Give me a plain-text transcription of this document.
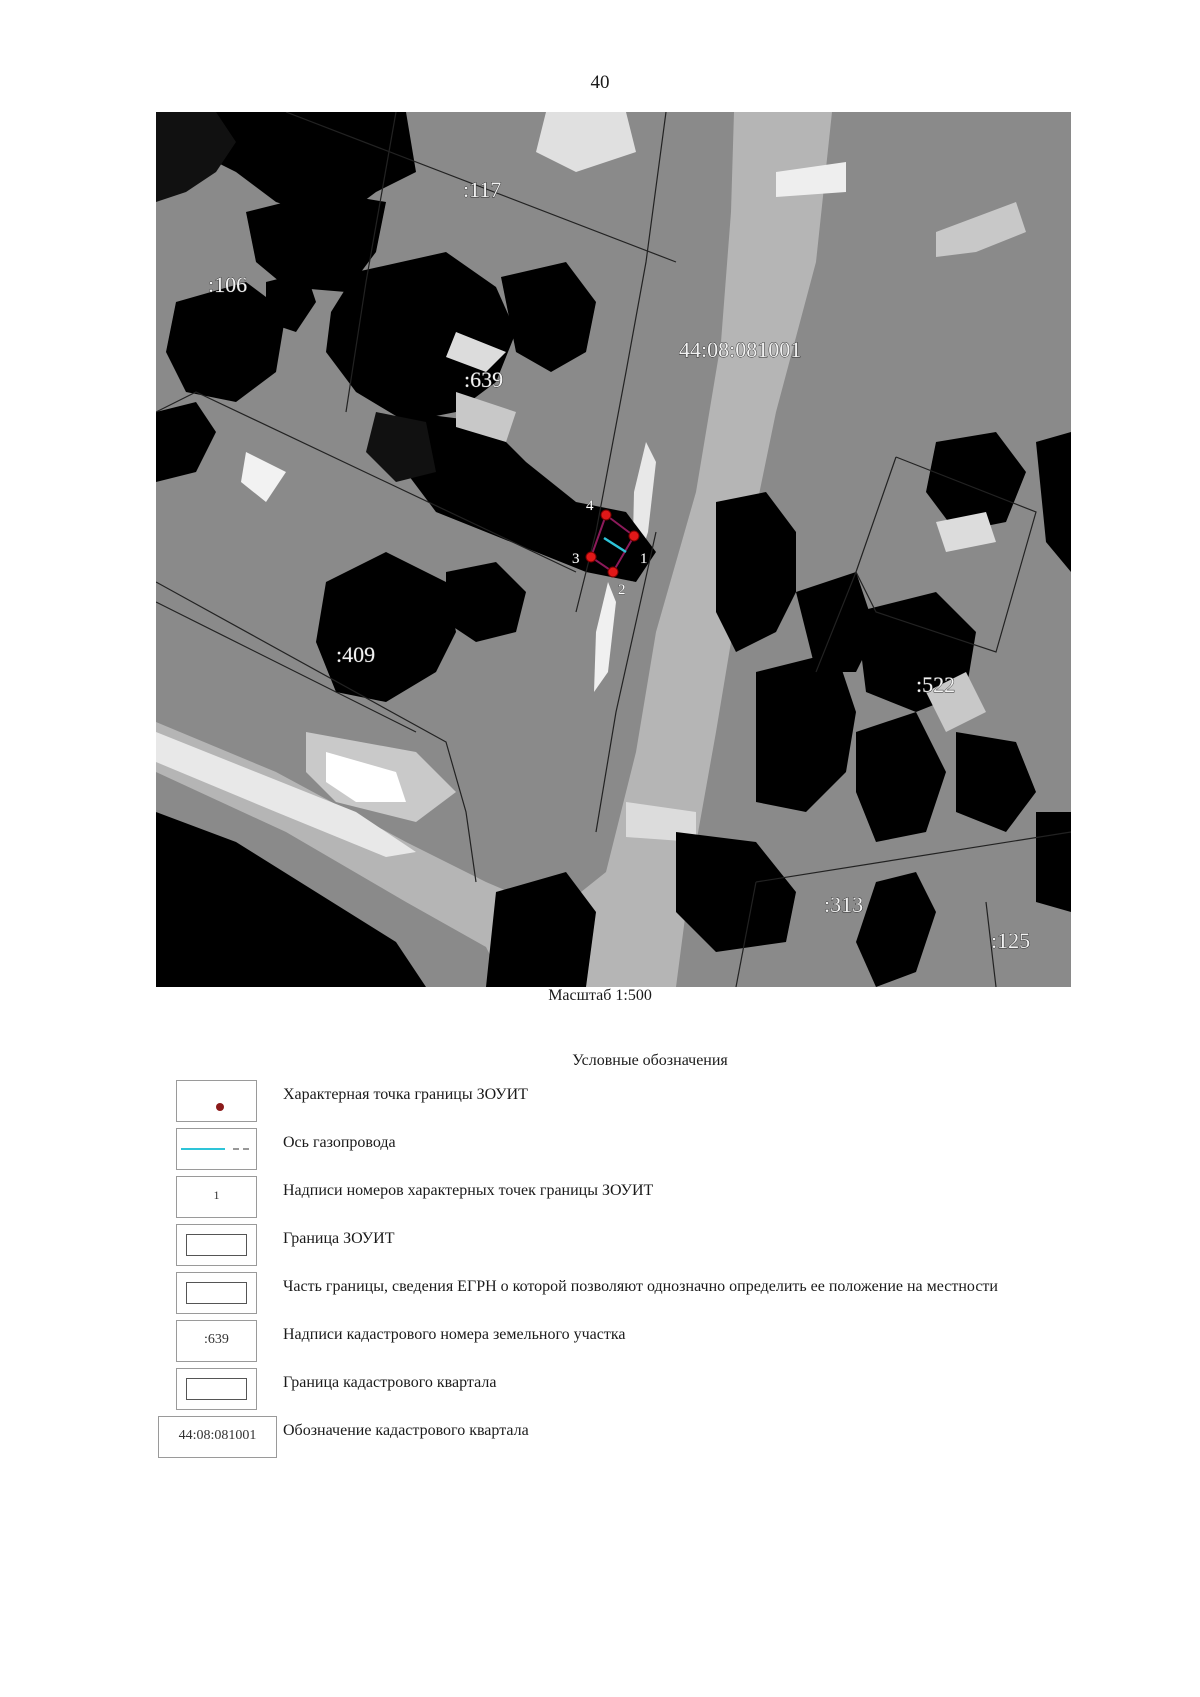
40
:117
:106
:639
:409
:522
:313
:125
44:08:081001
1
2
3
4
Масштаб 1:500
Условные обозначения
Характерная точка границы ЗОУИТ
Ось газопровода
1	Надписи номеров характерных точек границы ЗОУИТ
Граница ЗОУИТ
Часть границы, сведения ЕГРН о которой позволяют однозначно определить ее положение на местности
:639	Надписи кадастрового номера земельного участка
Граница кадастрового квартала
44:08:081001	Обозначение кадастрового квартала
